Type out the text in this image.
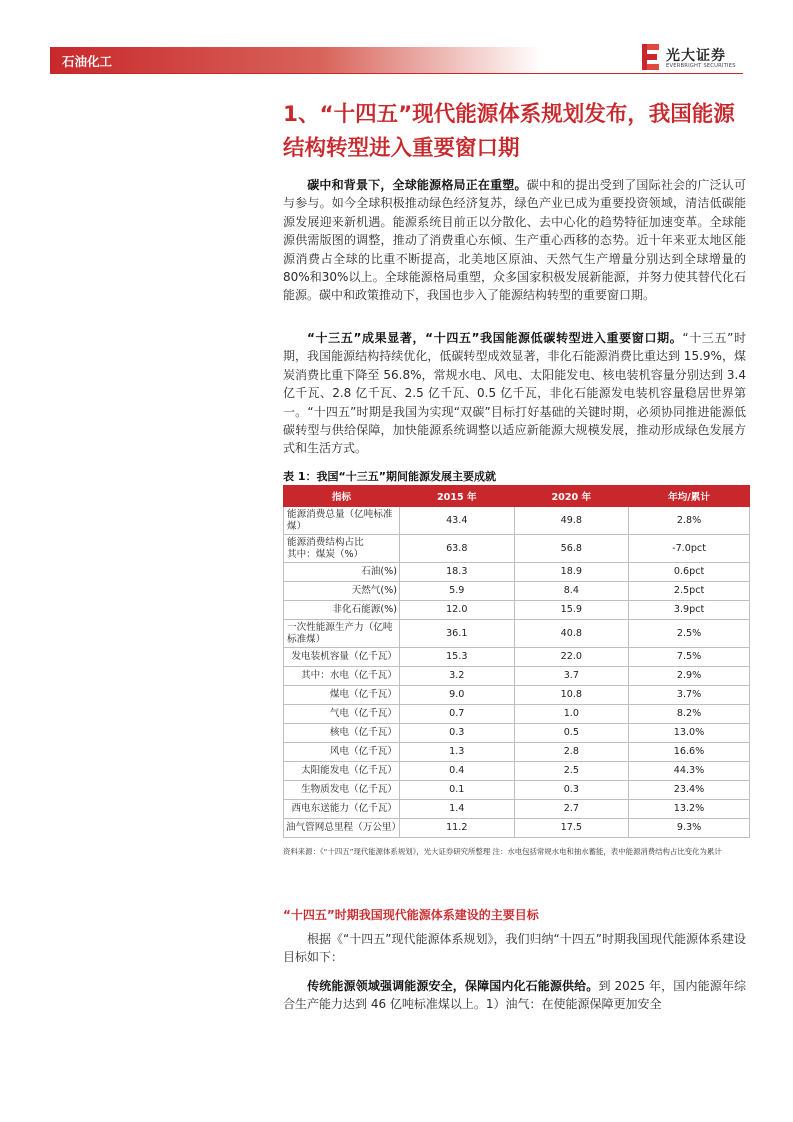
石油化工	光大证券
EVERBRIGHT SECURITIES
1、“十四五”现代能源体系规划发布，我国能源结构转型进入重要窗口期
碳中和背景下，全球能源格局正在重塑。碳中和的提出受到了国际社会的广泛认可与参与。如今全球积极推动绿色经济复苏，绿色产业已成为重要投资领域，清洁低碳能源发展迎来新机遇。能源系统目前正以分散化、去中心化的趋势特征加速变革。全球能源供需版图的调整，推动了消费重心东倾、生产重心西移的态势。近十年来亚太地区能源消费占全球的比重不断提高，北美地区原油、天然气生产增量分别达到全球增量的80%和30%以上。全球能源格局重塑，众多国家积极发展新能源，并努力使其替代化石能源。碳中和政策推动下，我国也步入了能源结构转型的重要窗口期。
“十三五”成果显著，“十四五”我国能源低碳转型进入重要窗口期。“十三五”时期，我国能源结构持续优化，低碳转型成效显著，非化石能源消费比重达到 15.9%，煤炭消费比重下降至 56.8%，常规水电、风电、太阳能发电、核电装机容量分别达到 3.4 亿千瓦、2.8 亿千瓦、2.5 亿千瓦、0.5 亿千瓦，非化石能源发电装机容量稳居世界第一。“十四五”时期是我国为实现“双碳”目标打好基础的关键时期，必须协同推进能源低碳转型与供给保障，加快能源系统调整以适应新能源大规模发展，推动形成绿色发展方式和生活方式。
表 1：我国“十三五”期间能源发展主要成就
指标	2015 年	2020 年	年均/累计
能源消费总量（亿吨标准煤）	43.4	49.8	2.8%
能源消费结构占比
其中：煤炭（%）	63.8	56.8	-7.0pct
石油(%)	18.3	18.9	0.6pct
天然气(%)	5.9	8.4	2.5pct
非化石能源(%)	12.0	15.9	3.9pct
一次性能源生产力（亿吨标准煤）	36.1	40.8	2.5%
发电装机容量（亿千瓦）	15.3	22.0	7.5%
其中：水电（亿千瓦）	3.2	3.7	2.9%
煤电（亿千瓦）	9.0	10.8	3.7%
气电（亿千瓦）	0.7	1.0	8.2%
核电（亿千瓦）	0.3	0.5	13.0%
风电（亿千瓦）	1.3	2.8	16.6%
太阳能发电（亿千瓦）	0.4	2.5	44.3%
生物质发电（亿千瓦）	0.1	0.3	23.4%
西电东送能力（亿千瓦）	1.4	2.7	13.2%
油气管网总里程（万公里）	11.2	17.5	9.3%
资料来源：《“十四五”现代能源体系规划》，光大证券研究所整理 注：水电包括常规水电和抽水蓄能，表中能源消费结构占比变化为累计
“十四五”时期我国现代能源体系建设的主要目标
根据《“十四五”现代能源体系规划》，我们归纳“十四五”时期我国现代能源体系建设目标如下：
传统能源领域强调能源安全，保障国内化石能源供给。到 2025 年，国内能源年综合生产能力达到 46 亿吨标准煤以上。1）油气：在使能源保障更加安全
